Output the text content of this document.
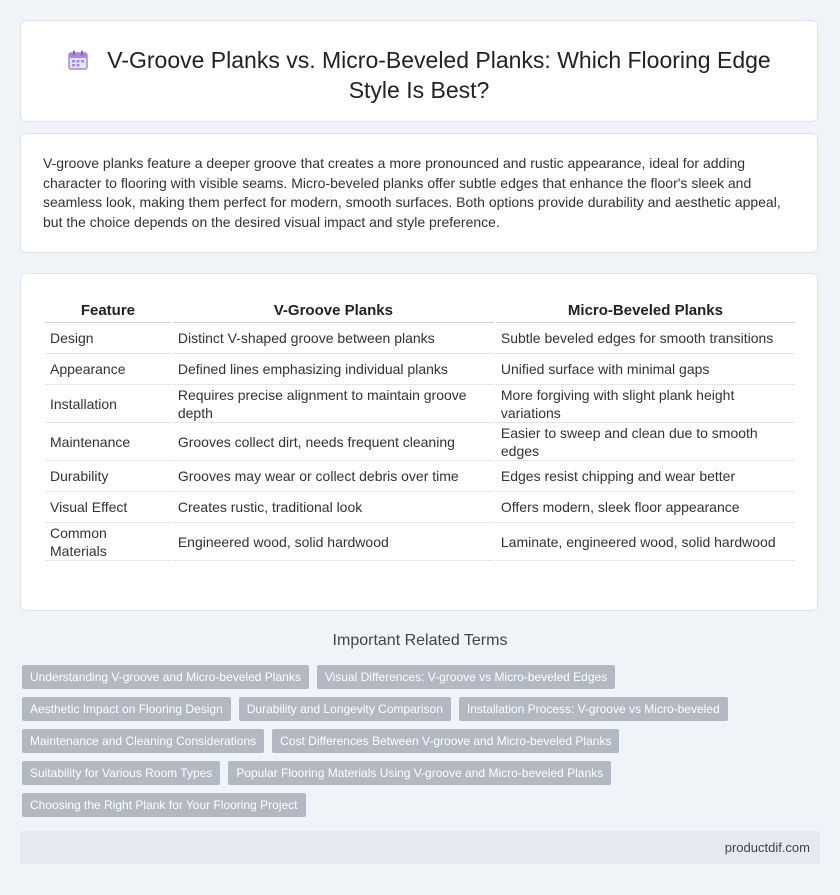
V-Groove Planks vs. Micro-Beveled Planks: Which Flooring Edge
Style Is Best?

V-groove planks feature a deeper groove that creates a more pronounced and rustic appearance, ideal for adding character to flooring with visible seams. Micro-beveled planks offer subtle edges that enhance the floor's sleek and seamless look, making them perfect for modern, smooth surfaces. Both options provide durability and aesthetic appeal, but the choice depends on the desired visual impact and style preference.

Feature	V-Groove Planks	Micro-Beveled Planks
Design	Distinct V-shaped groove between planks	Subtle beveled edges for smooth transitions
Appearance	Defined lines emphasizing individual planks	Unified surface with minimal gaps
Installation	Requires precise alignment to maintain groove depth	More forgiving with slight plank height variations
Maintenance	Grooves collect dirt, needs frequent cleaning	Easier to sweep and clean due to smooth edges
Durability	Grooves may wear or collect debris over time	Edges resist chipping and wear better
Visual Effect	Creates rustic, traditional look	Offers modern, sleek floor appearance
Common Materials	Engineered wood, solid hardwood	Laminate, engineered wood, solid hardwood
Important Related Terms
Understanding V-groove and Micro-beveled Planks	Visual Differences: V-groove vs Micro-beveled Edges
Aesthetic Impact on Flooring Design	Durability and Longevity Comparison	Installation Process: V-groove vs Micro-beveled
Maintenance and Cleaning Considerations	Cost Differences Between V-groove and Micro-beveled Planks
Suitability for Various Room Types	Popular Flooring Materials Using V-groove and Micro-beveled Planks
Choosing the Right Plank for Your Flooring Project
productdif.com
